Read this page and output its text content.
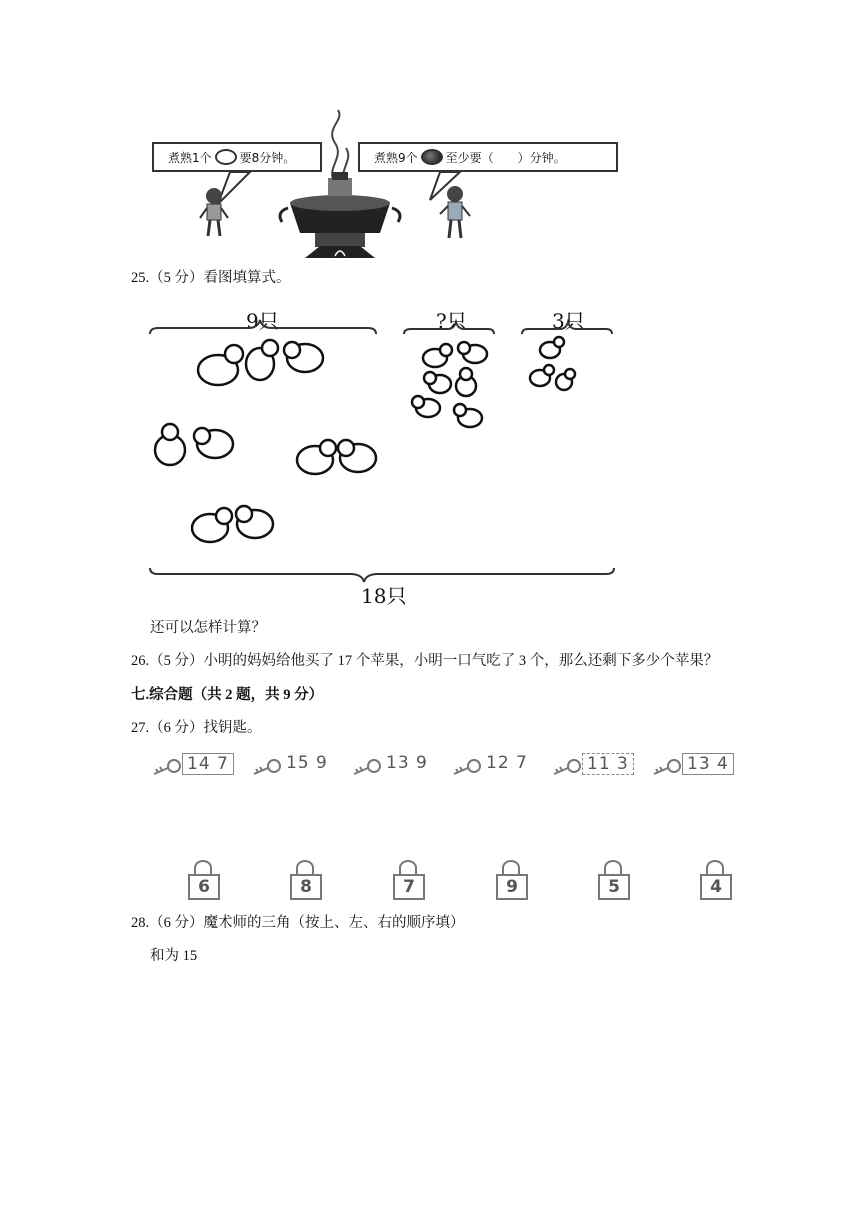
煮熟1个 要8分钟。	煮熟9个 至少要（　　）分钟。
25.（5 分）看图填算式。
9只	?只	3只
18只
还可以怎样计算？
26.（5 分）小明的妈妈给他买了 17 个苹果，小明一口气吃了 3 个，那么还剩下多少个苹果？
七.综合题（共 2 题，共 9 分）
27.（6 分）找钥匙。
14 7	15 9	13 9	12 7	11 3	13 4
6	8	7	9	5	4
28.（6 分）魔术师的三角（按上、左、右的顺序填）
和为 15
